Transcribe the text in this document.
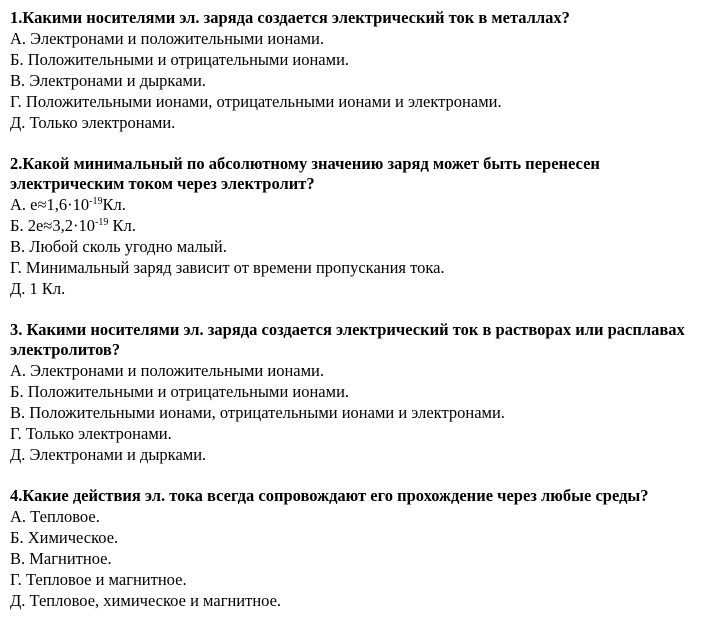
1.Какими носителями эл. заряда создается электрический ток в металлах?

А. Электронами и положительными ионами.
Б. Положительными и отрицательными ионами.
В. Электронами и дырками.
Г. Положительными ионами, отрицательными ионами и электронами.
Д. Только электронами.

2.Какой минимальный по абсолютному значению заряд может быть перенесен электрическим током через электролит?

А. $e\approx 1,6\cdot 10^{-19}Кл$.
Б. $2e\approx 3,2\cdot 10^{-19}$ Кл.
В. Любой сколь угодно малый.
Г. Минимальный заряд зависит от времени пропускания тока.
Д. 1 Кл.

3. Какими носителями эл. заряда создается электрический ток в растворах или расплавах электролитов?

А. Электронами и положительными ионами.
Б. Положительными и отрицательными ионами.
В. Положительными ионами, отрицательными ионами и электронами.
Г. Только электронами.
Д. Электронами и дырками.

4.Какие действия эл. тока всегда сопровождают его прохождение через любые среды?

А. Тепловое.
Б. Химическое.
В. Магнитное.
Г. Тепловое и магнитное.
Д. Тепловое, химическое и магнитное.
